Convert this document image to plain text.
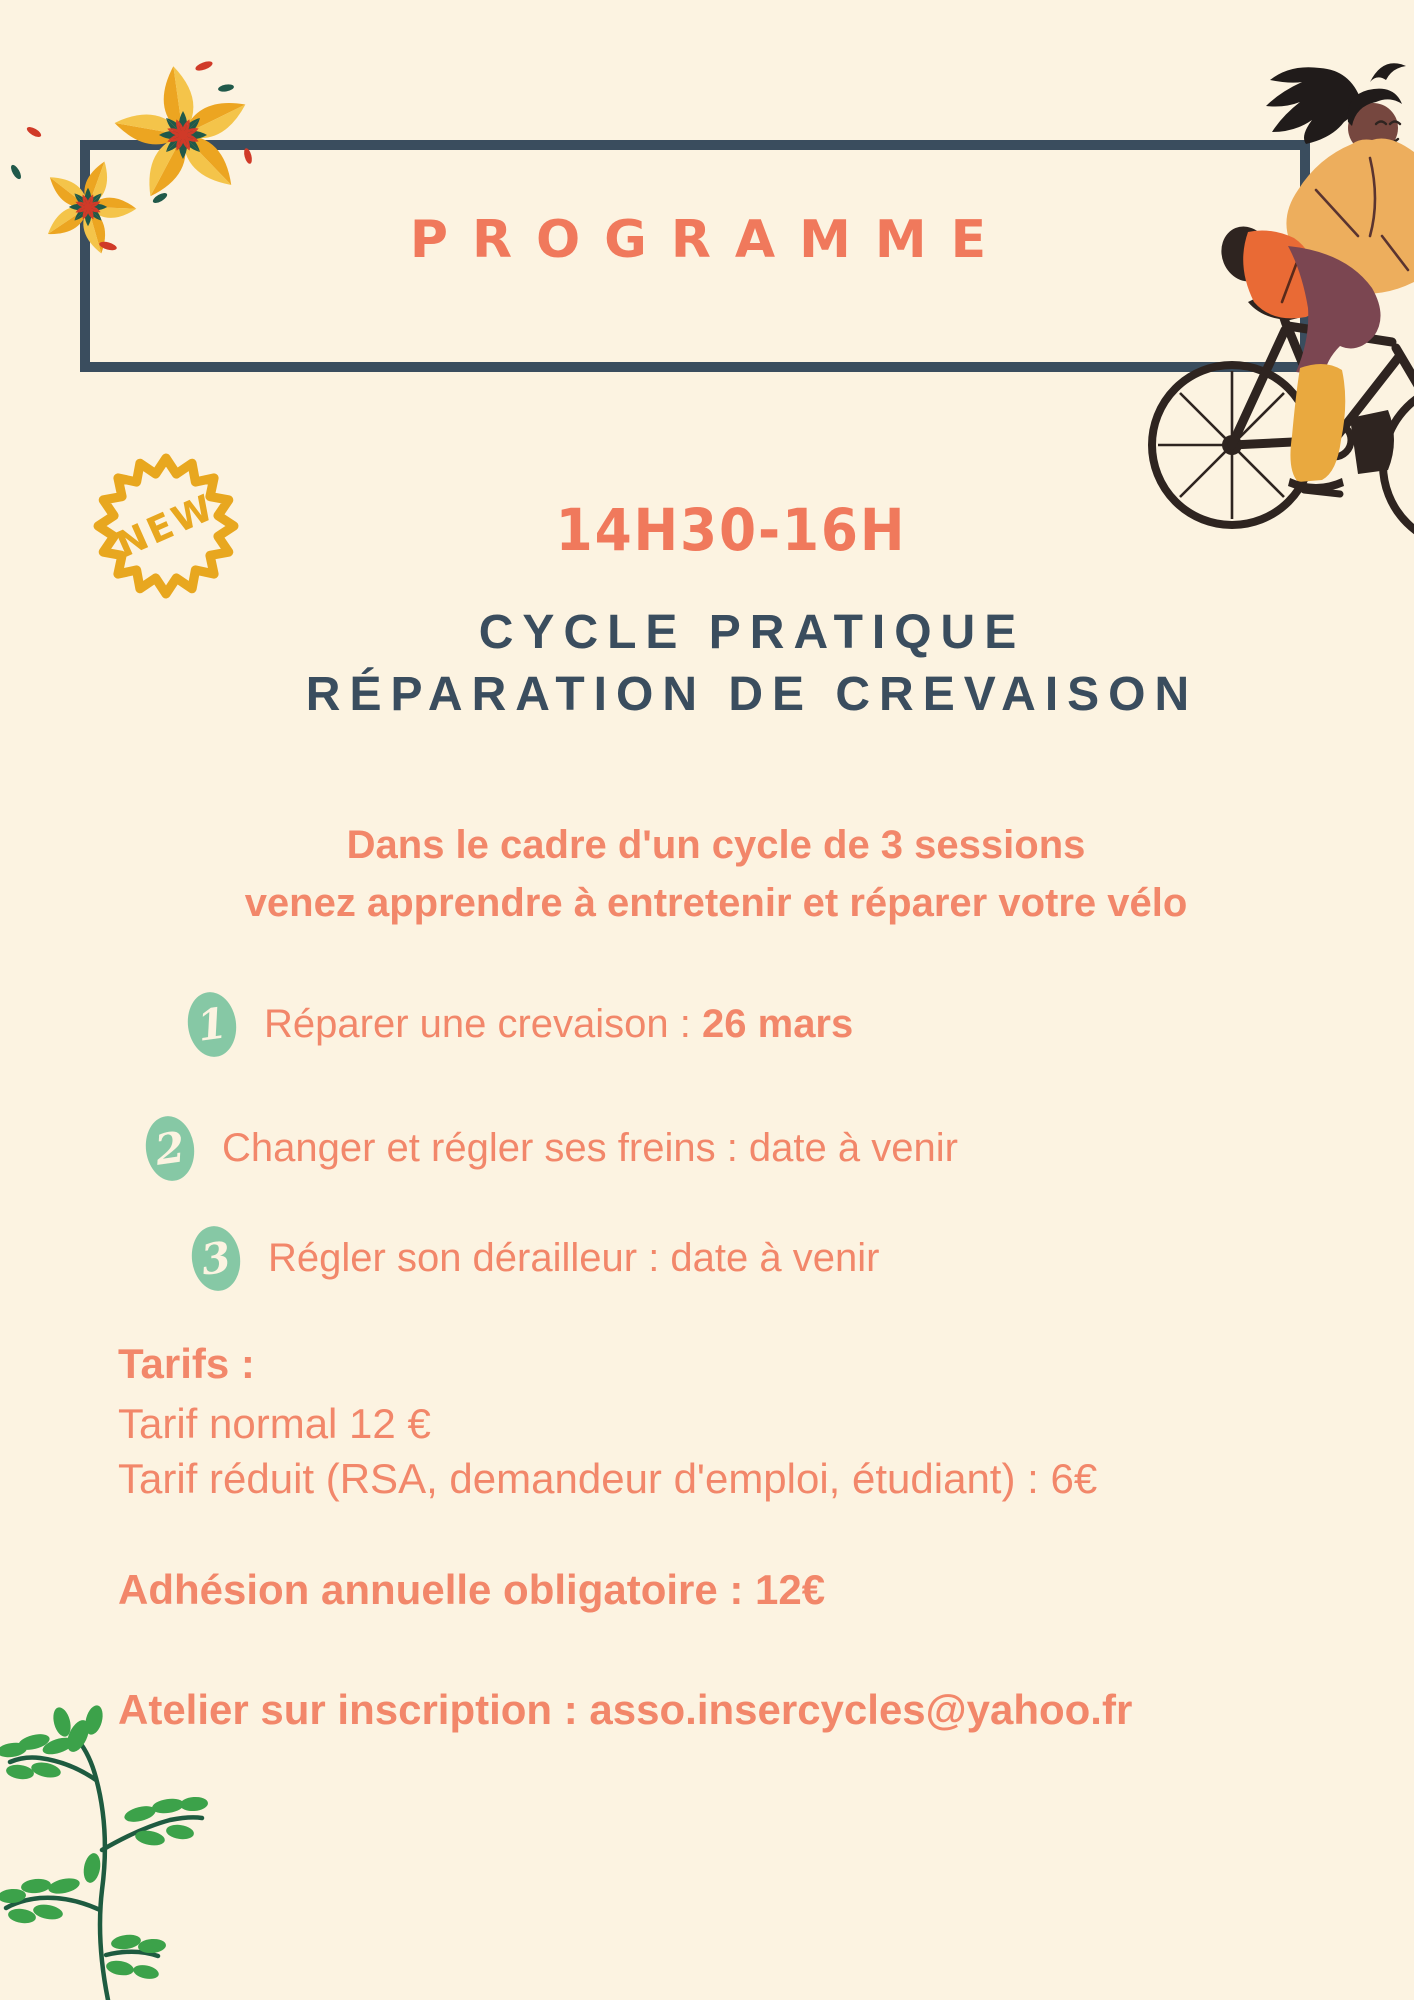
PROGRAMME
NEW	14H30-16H
CYCLE PRATIQUE
RÉPARATION DE CREVAISON
Dans le cadre d'un cycle de 3 sessions
venez apprendre à entretenir et réparer votre vélo
1 Réparer une crevaison : 26 mars
2 Changer et régler ses freins : date à venir
3 Régler son dérailleur : date à venir
Tarifs :
Tarif normal 12 €
Tarif réduit (RSA, demandeur d'emploi, étudiant) : 6€
Adhésion annuelle obligatoire : 12€
Atelier sur inscription : asso.insercycles@yahoo.fr
